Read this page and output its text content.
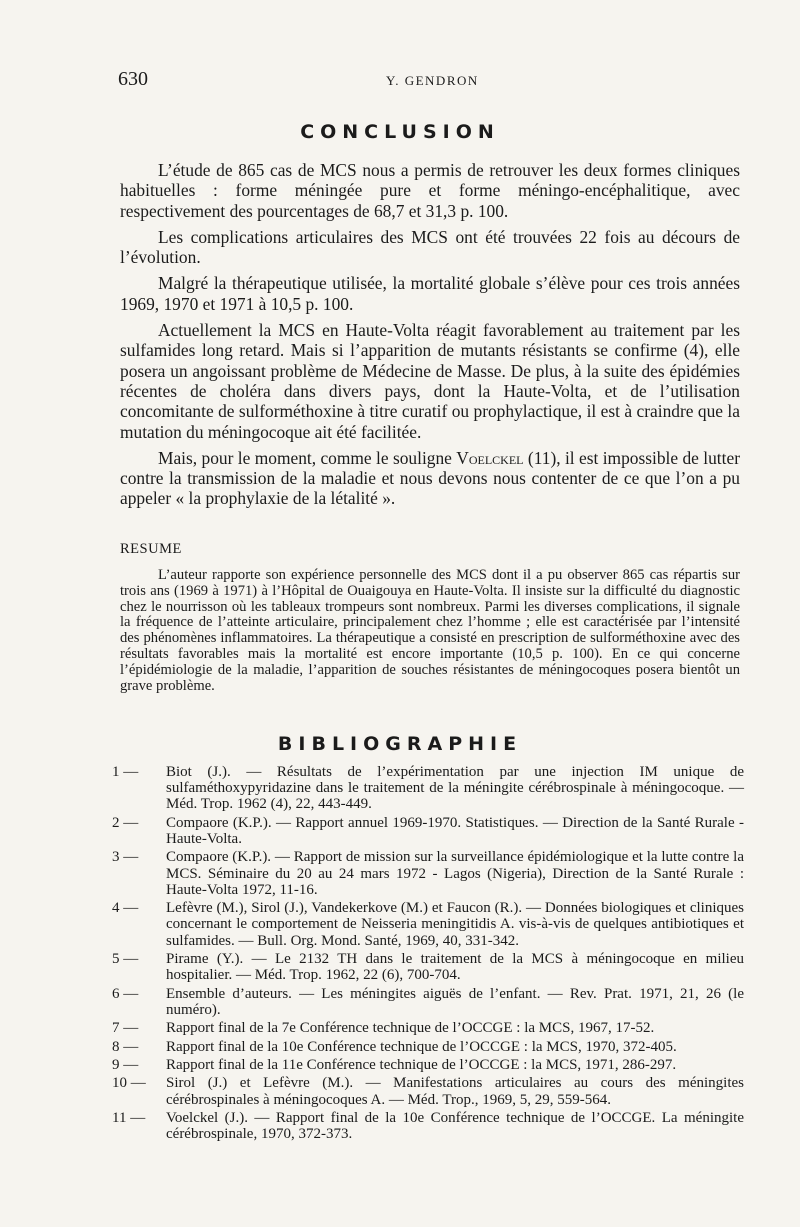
630	Y. GENDRON
CONCLUSION

L’étude de 865 cas de MCS nous a permis de retrouver les deux formes cliniques habituelles : forme méningée pure et forme méningo-encéphalitique, avec respectivement des pourcentages de 68,7 et 31,3 p. 100.

Les complications articulaires des MCS ont été trouvées 22 fois au décours de l’évolution.

Malgré la thérapeutique utilisée, la mortalité globale s’élève pour ces trois années 1969, 1970 et 1971 à 10,5 p. 100.

Actuellement la MCS en Haute-Volta réagit favorablement au traitement par les sulfamides long retard. Mais si l’apparition de mutants résistants se confirme (4), elle posera un angoissant problème de Médecine de Masse. De plus, à la suite des épidémies récentes de choléra dans divers pays, dont la Haute-Volta, et de l’utilisation concomitante de sulforméthoxine à titre curatif ou prophylactique, il est à craindre que la mutation du méningocoque ait été facilitée.

Mais, pour le moment, comme le souligne Voelckel (11), il est impossible de lutter contre la transmission de la maladie et nous devons nous contenter de ce que l’on a pu appeler « la prophylaxie de la létalité ».

RESUME

L’auteur rapporte son expérience personnelle des MCS dont il a pu observer 865 cas répartis sur trois ans (1969 à 1971) à l’Hôpital de Ouaigouya en Haute-Volta. Il insiste sur la difficulté du diagnostic chez le nourrisson où les tableaux trompeurs sont nombreux. Parmi les diverses complications, il signale la fréquence de l’atteinte articulaire, principalement chez l’homme ; elle est caractérisée par l’intensité des phénomènes inflammatoires. La thérapeutique a consisté en prescription de sulforméthoxine avec des résultats favorables mais la mortalité est encore importante (10,5 p. 100). En ce qui concerne l’épidémiologie de la maladie, l’apparition de souches résistantes de méningocoques posera bientôt un grave problème.

BIBLIOGRAPHIE
1 —	Biot (J.). — Résultats de l’expérimentation par une injection IM unique de sulfaméthoxypyridazine dans le traitement de la méningite cérébrospinale à méningocoque. — Méd. Trop. 1962 (4), 22, 443-449.
2 —	Compaore (K.P.). — Rapport annuel 1969-1970. Statistiques. — Direction de la Santé Rurale - Haute-Volta.
3 —	Compaore (K.P.). — Rapport de mission sur la surveillance épidémiologique et la lutte contre la MCS. Séminaire du 20 au 24 mars 1972 - Lagos (Nigeria), Direction de la Santé Rurale : Haute-Volta 1972, 11-16.
4 —	Lefèvre (M.), Sirol (J.), Vandekerkove (M.) et Faucon (R.). — Données biologiques et cliniques concernant le comportement de Neisseria meningitidis A. vis-à-vis de quelques antibiotiques et sulfamides. — Bull. Org. Mond. Santé, 1969, 40, 331-342.
5 —	Pirame (Y.). — Le 2132 TH dans le traitement de la MCS à méningocoque en milieu hospitalier. — Méd. Trop. 1962, 22 (6), 700-704.
6 —	Ensemble d’auteurs. — Les méningites aiguës de l’enfant. — Rev. Prat. 1971, 21, 26 (le numéro).
7 —	Rapport final de la 7e Conférence technique de l’OCCGE : la MCS, 1967, 17-52.
8 —	Rapport final de la 10e Conférence technique de l’OCCGE : la MCS, 1970, 372-405.
9 —	Rapport final de la 11e Conférence technique de l’OCCGE : la MCS, 1971, 286-297.
10 —	Sirol (J.) et Lefèvre (M.). — Manifestations articulaires au cours des méningites cérébrospinales à méningocoques A. — Méd. Trop., 1969, 5, 29, 559-564.
11 —	Voelckel (J.). — Rapport final de la 10e Conférence technique de l’OCCGE. La méningite cérébrospinale, 1970, 372-373.
